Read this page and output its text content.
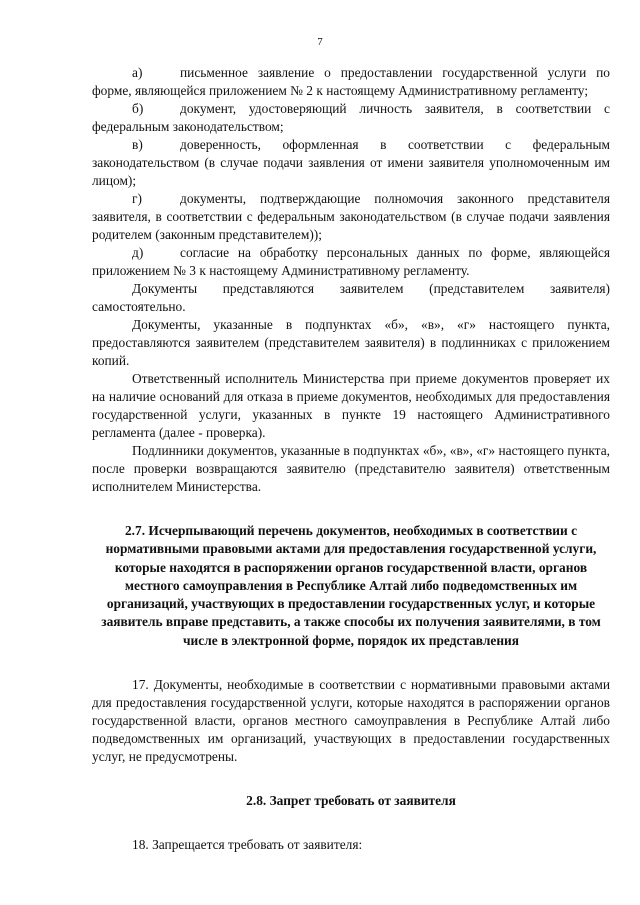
7

а)	письменное заявление о предоставлении государственной услуги по форме, являющейся приложением № 2 к настоящему Административному регламенту;

б)	документ, удостоверяющий личность заявителя, в соответствии с федеральным законодательством;

в)	доверенность, оформленная в соответствии с федеральным законодательством (в случае подачи заявления от имени заявителя уполномоченным им лицом);

г)	документы, подтверждающие полномочия законного представителя заявителя, в соответствии с федеральным законодательством (в случае подачи заявления родителем (законным представителем));

д)	согласие на обработку персональных данных по форме, являющейся приложением № 3 к настоящему Административному регламенту.

Документы представляются заявителем (представителем заявителя) самостоятельно.

Документы, указанные в подпунктах «б», «в», «г» настоящего пункта, предоставляются заявителем (представителем заявителя) в подлинниках с приложением копий.

Ответственный исполнитель Министерства при приеме документов проверяет их на наличие оснований для отказа в приеме документов, необходимых для предоставления государственной услуги, указанных в пункте 19 настоящего Административного регламента (далее - проверка).

Подлинники документов, указанные в подпунктах «б», «в», «г» настоящего пункта, после проверки возвращаются заявителю (представителю заявителя) ответственным исполнителем Министерства.

2.7. Исчерпывающий перечень документов, необходимых в соответствии с нормативными правовыми актами для предоставления государственной услуги, которые находятся в распоряжении органов государственной власти, органов местного самоуправления в Республике Алтай либо подведомственных им организаций, участвующих в предоставлении государственных услуг, и которые заявитель вправе представить, а также способы их получения заявителями, в том числе в электронной форме, порядок их представления

17. Документы, необходимые в соответствии с нормативными правовыми актами для предоставления государственной услуги, которые находятся в распоряжении органов государственной власти, органов местного самоуправления в Республике Алтай либо подведомственных им организаций, участвующих в предоставлении государственных услуг, не предусмотрены.

2.8. Запрет требовать от заявителя

18. Запрещается требовать от заявителя:
